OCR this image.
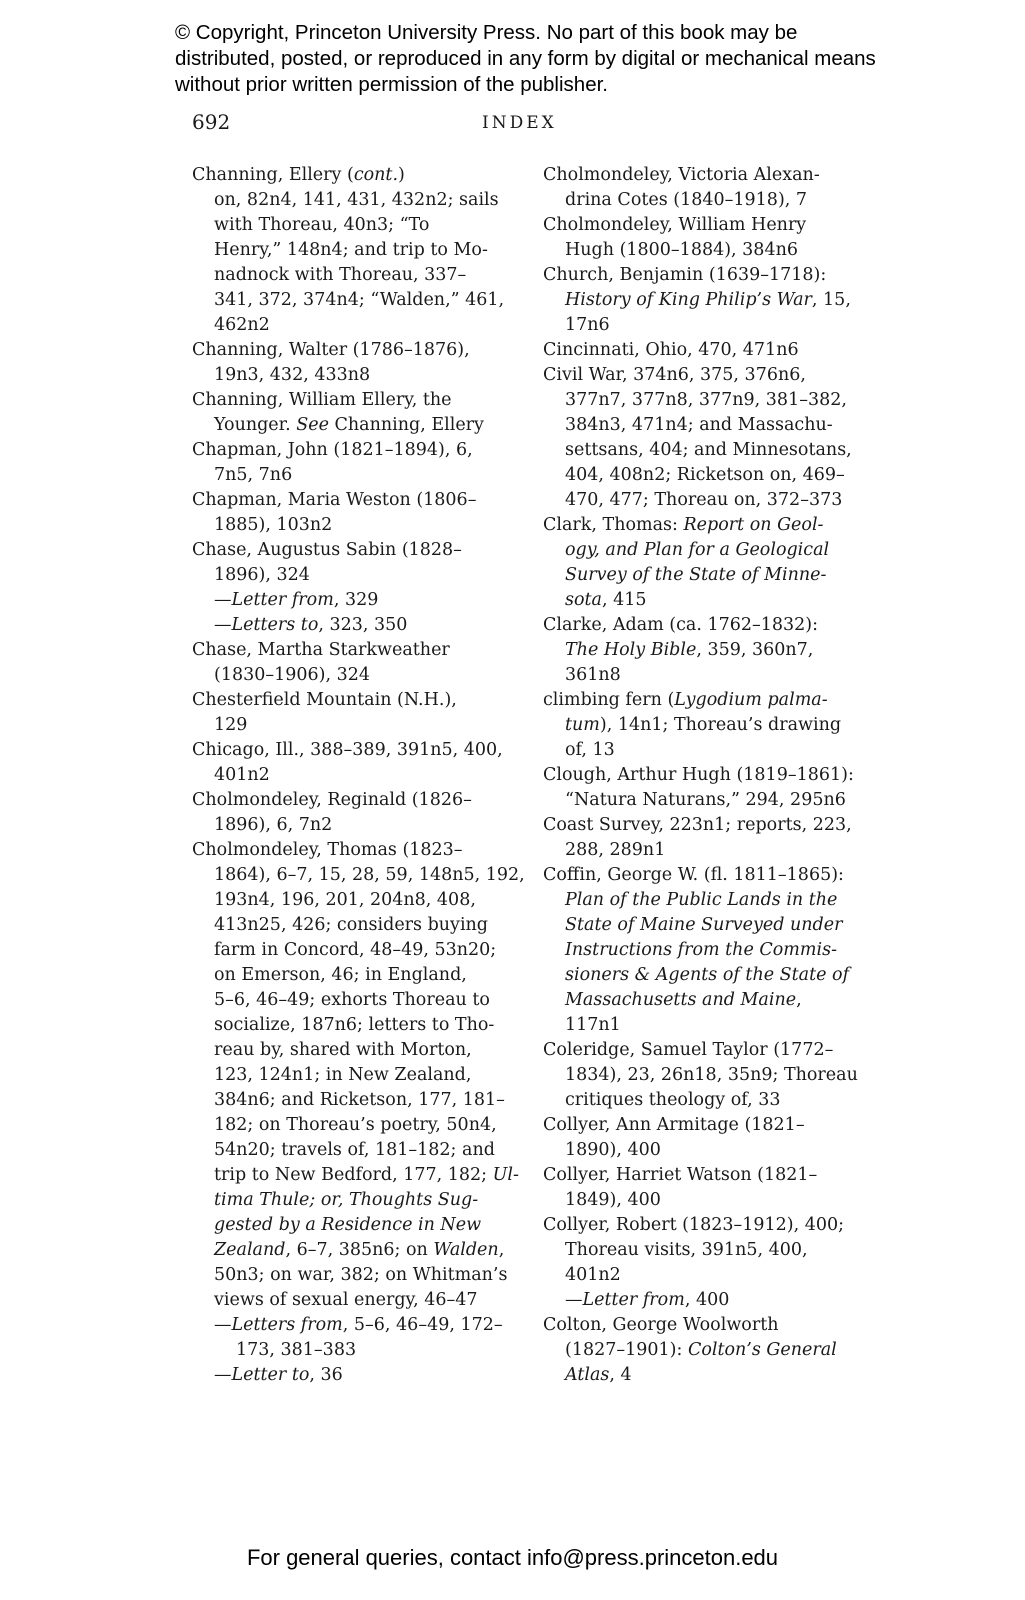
© Copyright, Princeton University Press. No part of this book may be distributed, posted, or reproduced in any form by digital or mechanical means without prior written permission of the publisher.
692	INDEX
Channing, Ellery (cont.)
on, 82n4, 141, 431, 432n2; sails
with Thoreau, 40n3; “To
Henry,” 148n4; and trip to Mo-
nadnock with Thoreau, 337–
341, 372, 374n4; “Walden,” 461,
462n2
Channing, Walter (1786–1876),
19n3, 432, 433n8
Channing, William Ellery, the
Younger. See Channing, Ellery
Chapman, John (1821–1894), 6,
7n5, 7n6
Chapman, Maria Weston (1806–
1885), 103n2
Chase, Augustus Sabin (1828–
1896), 324
—Letter from, 329
—Letters to, 323, 350
Chase, Martha Starkweather
(1830–1906), 324
Chesterfield Mountain (N.H.),
129
Chicago, Ill., 388–389, 391n5, 400,
401n2
Cholmondeley, Reginald (1826–
1896), 6, 7n2
Cholmondeley, Thomas (1823–
1864), 6–7, 15, 28, 59, 148n5, 192,
193n4, 196, 201, 204n8, 408,
413n25, 426; considers buying
farm in Concord, 48–49, 53n20;
on Emerson, 46; in England,
5–6, 46–49; exhorts Thoreau to
socialize, 187n6; letters to Tho-
reau by, shared with Morton,
123, 124n1; in New Zealand,
384n6; and Ricketson, 177, 181–
182; on Thoreau’s poetry, 50n4,
54n20; travels of, 181–182; and
trip to New Bedford, 177, 182; Ul-
tima Thule; or, Thoughts Sug-
gested by a Residence in New
Zealand, 6–7, 385n6; on Walden,
50n3; on war, 382; on Whitman’s
views of sexual energy, 46–47
—Letters from, 5–6, 46–49, 172–
173, 381–383
—Letter to, 36
Cholmondeley, Victoria Alexan-
drina Cotes (1840–1918), 7
Cholmondeley, William Henry
Hugh (1800–1884), 384n6
Church, Benjamin (1639–1718):
History of King Philip’s War, 15,
17n6
Cincinnati, Ohio, 470, 471n6
Civil War, 374n6, 375, 376n6,
377n7, 377n8, 377n9, 381–382,
384n3, 471n4; and Massachu-
settsans, 404; and Minnesotans,
404, 408n2; Ricketson on, 469–
470, 477; Thoreau on, 372–373
Clark, Thomas: Report on Geol-
ogy, and Plan for a Geological
Survey of the State of Minne-
sota, 415
Clarke, Adam (ca. 1762–1832):
The Holy Bible, 359, 360n7,
361n8
climbing fern (Lygodium palma-
tum), 14n1; Thoreau’s drawing
of, 13
Clough, Arthur Hugh (1819–1861):
“Natura Naturans,” 294, 295n6
Coast Survey, 223n1; reports, 223,
288, 289n1
Coffin, George W. (fl. 1811–1865):
Plan of the Public Lands in the
State of Maine Surveyed under
Instructions from the Commis-
sioners & Agents of the State of
Massachusetts and Maine,
117n1
Coleridge, Samuel Taylor (1772–
1834), 23, 26n18, 35n9; Thoreau
critiques theology of, 33
Collyer, Ann Armitage (1821–
1890), 400
Collyer, Harriet Watson (1821–
1849), 400
Collyer, Robert (1823–1912), 400;
Thoreau visits, 391n5, 400,
401n2
—Letter from, 400
Colton, George Woolworth
(1827–1901): Colton’s General
Atlas, 4
For general queries, contact info@press.princeton.edu
